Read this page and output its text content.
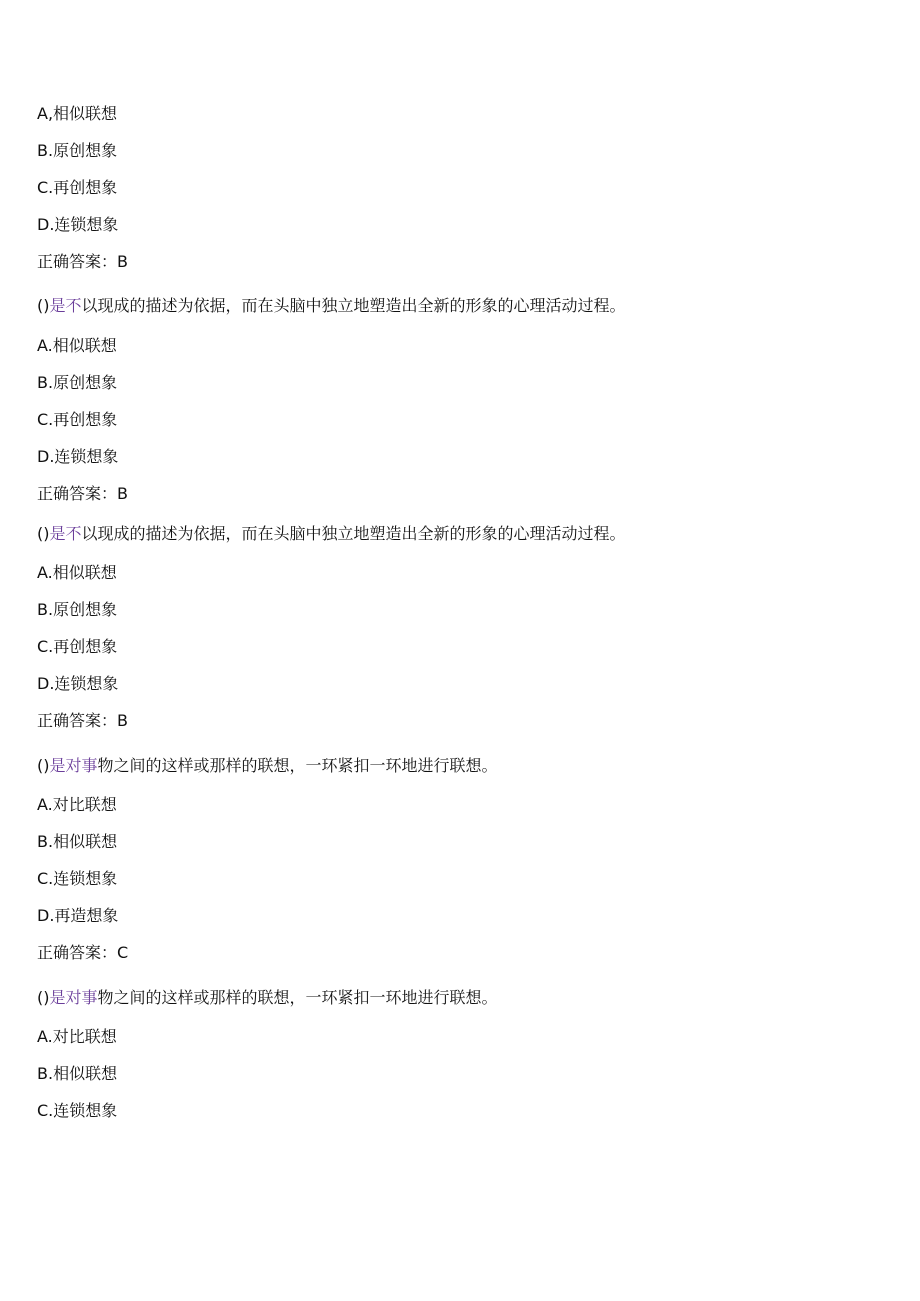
A,相似联想
B.原创想象
C.再创想象
D.连锁想象
正确答案：B
()是不以现成的描述为依据，而在头脑中独立地塑造出全新的形象的心理活动过程。
A.相似联想
B.原创想象
C.再创想象
D.连锁想象
正确答案：B
()是不以现成的描述为依据，而在头脑中独立地塑造出全新的形象的心理活动过程。
A.相似联想
B.原创想象
C.再创想象
D.连锁想象
正确答案：B
()是对事物之间的这样或那样的联想，一环紧扣一环地进行联想。
A.对比联想
B.相似联想
C.连锁想象
D.再造想象
正确答案：C
()是对事物之间的这样或那样的联想，一环紧扣一环地进行联想。
A.对比联想
B.相似联想
C.连锁想象
